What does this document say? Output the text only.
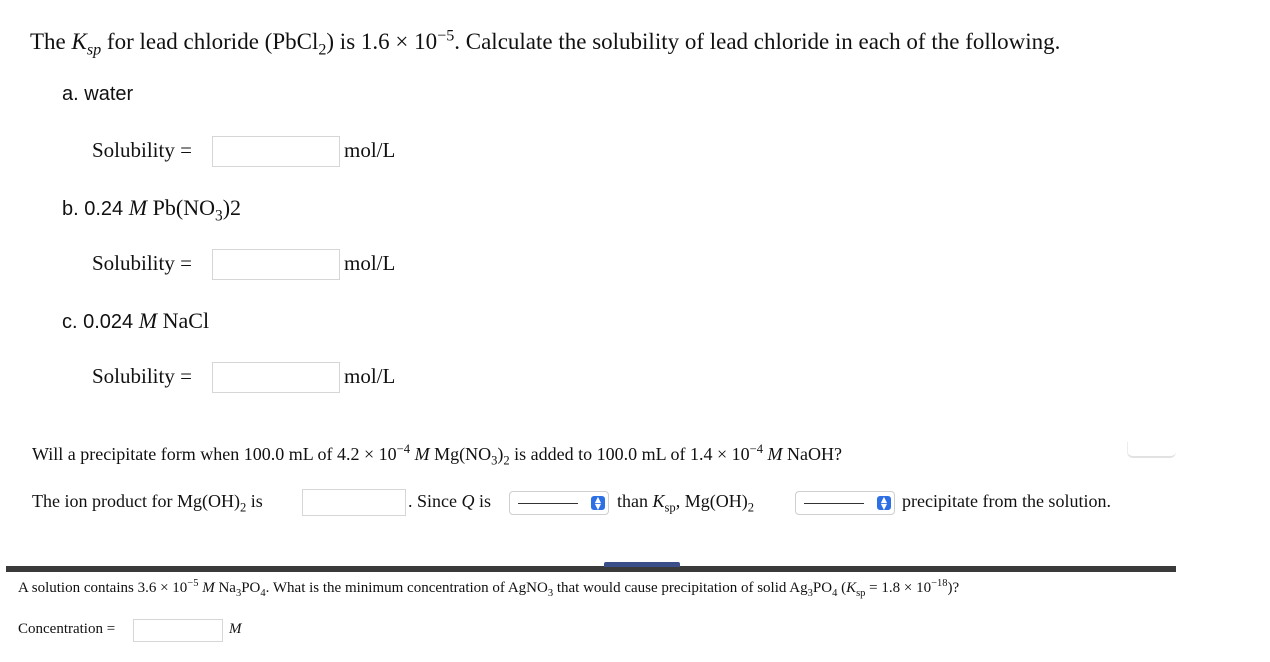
The $K_{sp}$ for lead chloride (PbCl$_2$) is $1.6 \times 10^{-5}$. Calculate the solubility of lead chloride in each of the following.
a. water
Solubility =	mol/L
b. 0.24 M $Pb(NO_3)2$
Solubility =	mol/L
c. 0.024 M NaCl
Solubility =	mol/L
Will a precipitate form when 100.0 mL of $4.2 \times 10^{-4}$ M $Mg(NO_3)_2$ is added to 100.0 mL of $1.4 \times 10^{-4}$ M NaOH?
The ion product for $Mg(OH)_2$ is	. Since Q is	▲
▼ than $K_{sp}$, $Mg(OH)_2$
▲
▼ precipitate from the solution.
A solution contains $3.6 \times 10^{-5}$ M $Na_3PO_4$. What is the minimum concentration of AgNO$_3$ that would cause precipitation of solid $Ag_3PO_4$ $(K_{sp} = 1.8 \times 10^{-18})$?
Concentration =	M
